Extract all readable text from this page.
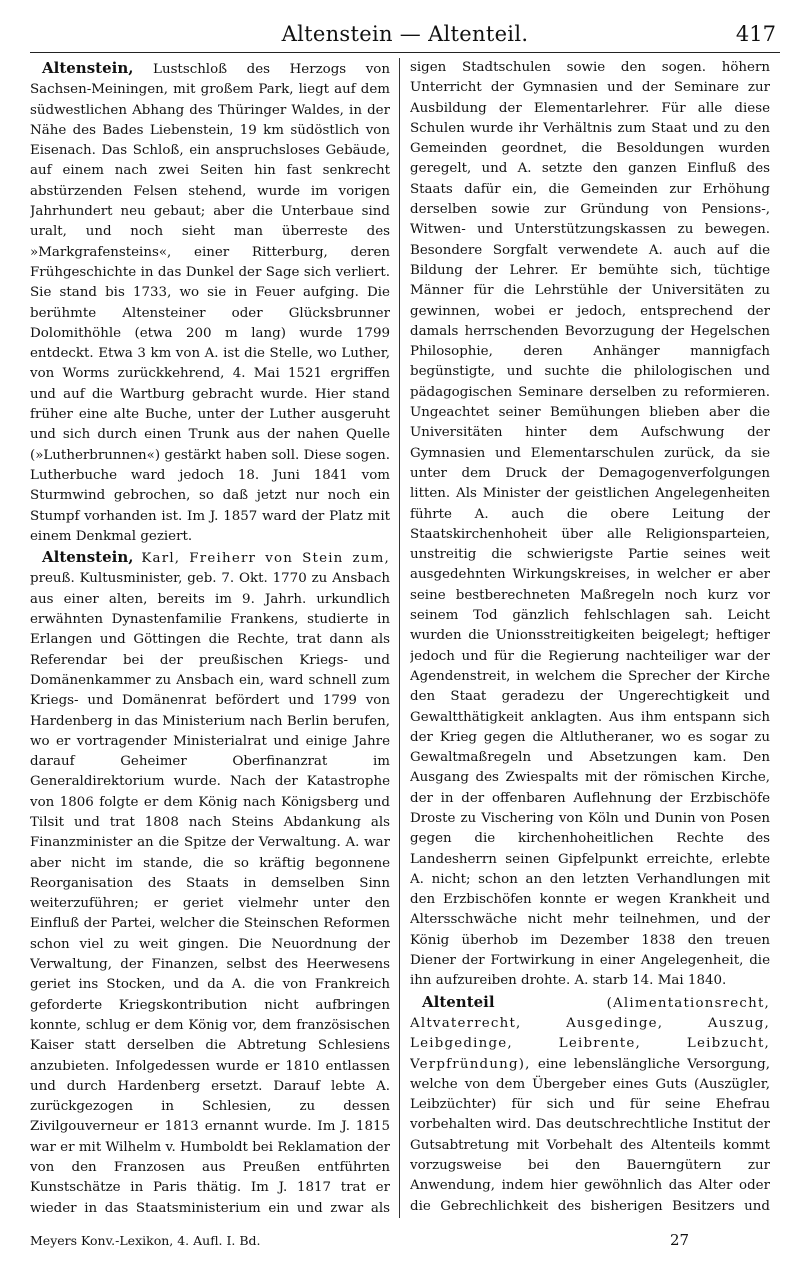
Altenstein — Altenteil.	417

Altenstein, Lustschloß des Herzogs von Sachsen-Meiningen, mit großem Park, liegt auf dem südwestlichen Abhang des Thüringer Waldes, in der Nähe des Bades Liebenstein, 19 km südöstlich von Eisenach. Das Schloß, ein anspruchsloses Gebäude, auf einem nach zwei Seiten hin fast senkrecht abstürzenden Felsen stehend, wurde im vorigen Jahrhundert neu gebaut; aber die Unterbaue sind uralt, und noch sieht man überreste des »Markgrafensteins«, einer Ritterburg, deren Frühgeschichte in das Dunkel der Sage sich verliert. Sie stand bis 1733, wo sie in Feuer aufging. Die berühmte Altensteiner oder Glücksbrunner Dolomithöhle (etwa 200 m lang) wurde 1799 entdeckt. Etwa 3 km von A. ist die Stelle, wo Luther, von Worms zurückkehrend, 4. Mai 1521 ergriffen und auf die Wartburg gebracht wurde. Hier stand früher eine alte Buche, unter der Luther ausgeruht und sich durch einen Trunk aus der nahen Quelle (»Lutherbrunnen«) gestärkt haben soll. Diese sogen. Lutherbuche ward jedoch 18. Juni 1841 vom Sturmwind gebrochen, so daß jetzt nur noch ein Stumpf vorhanden ist. Im J. 1857 ward der Platz mit einem Denkmal geziert.

Altenstein, Karl, Freiherr von Stein zum, preuß. Kultusminister, geb. 7. Okt. 1770 zu Ansbach aus einer alten, bereits im 9. Jahrh. urkundlich erwähnten Dynastenfamilie Frankens, studierte in Erlangen und Göttingen die Rechte, trat dann als Referendar bei der preußischen Kriegs- und Domänenkammer zu Ansbach ein, ward schnell zum Kriegs- und Domänenrat befördert und 1799 von Hardenberg in das Ministerium nach Berlin berufen, wo er vortragender Ministerialrat und einige Jahre darauf Geheimer Oberfinanzrat im Generaldirektorium wurde. Nach der Katastrophe von 1806 folgte er dem König nach Königsberg und Tilsit und trat 1808 nach Steins Abdankung als Finanzminister an die Spitze der Verwaltung. A. war aber nicht im stande, die so kräftig begonnene Reorganisation des Staats in demselben Sinn weiterzuführen; er geriet vielmehr unter den Einfluß der Partei, welcher die Steinschen Reformen schon viel zu weit gingen. Die Neuordnung der Verwaltung, der Finanzen, selbst des Heerwesens geriet ins Stocken, und da A. die von Frankreich geforderte Kriegskontribution nicht aufbringen konnte, schlug er dem König vor, dem französischen Kaiser statt derselben die Abtretung Schlesiens anzubieten. Infolgedessen wurde er 1810 entlassen und durch Hardenberg ersetzt. Darauf lebte A. zurückgezogen in Schlesien, zu dessen Zivilgouverneur er 1813 ernannt wurde. Im J. 1815 war er mit Wilhelm v. Humboldt bei Reklamation der von den Franzosen aus Preußen entführten Kunstschätze in Paris thätig. Im J. 1817 trat er wieder in das Staatsministerium ein und zwar als

sigen Stadtschulen sowie den sogen. höhern Unterricht der Gymnasien und der Seminare zur Ausbildung der Elementarlehrer. Für alle diese Schulen wurde ihr Verhältnis zum Staat und zu den Gemeinden geordnet, die Besoldungen wurden geregelt, und A. setzte den ganzen Einfluß des Staats dafür ein, die Gemeinden zur Erhöhung derselben sowie zur Gründung von Pensions-, Witwen- und Unterstützungskassen zu bewegen. Besondere Sorgfalt verwendete A. auch auf die Bildung der Lehrer. Er bemühte sich, tüchtige Männer für die Lehrstühle der Universitäten zu gewinnen, wobei er jedoch, entsprechend der damals herrschenden Bevorzugung der Hegelschen Philosophie, deren Anhänger mannigfach begünstigte, und suchte die philologischen und pädagogischen Seminare derselben zu reformieren. Ungeachtet seiner Bemühungen blieben aber die Universitäten hinter dem Aufschwung der Gymnasien und Elementarschulen zurück, da sie unter dem Druck der Demagogenverfolgungen litten. Als Minister der geistlichen Angelegenheiten führte A. auch die obere Leitung der Staatskirchenhoheit über alle Religionsparteien, unstreitig die schwierigste Partie seines weit ausgedehnten Wirkungskreises, in welcher er aber seine bestberechneten Maßregeln noch kurz vor seinem Tod gänzlich fehlschlagen sah. Leicht wurden die Unionsstreitigkeiten beigelegt; heftiger jedoch und für die Regierung nachteiliger war der Agendenstreit, in welchem die Sprecher der Kirche den Staat geradezu der Ungerechtigkeit und Gewaltthätigkeit anklagten. Aus ihm entspann sich der Krieg gegen die Altlutheraner, wo es sogar zu Gewaltmaßregeln und Absetzungen kam. Den Ausgang des Zwiespalts mit der römischen Kirche, der in der offenbaren Auflehnung der Erzbischöfe Droste zu Vischering von Köln und Dunin von Posen gegen die kirchenhoheitlichen Rechte des Landesherrn seinen Gipfelpunkt erreichte, erlebte A. nicht; schon an den letzten Verhandlungen mit den Erzbischöfen konnte er wegen Krankheit und Altersschwäche nicht mehr teilnehmen, und der König überhob im Dezember 1838 den treuen Diener der Fortwirkung in einer Angelegenheit, die ihn aufzureiben drohte. A. starb 14. Mai 1840.

Altenteil	(Alimentationsrecht, Altvaterrecht, Ausgedinge, Auszug, Leibgedinge, Leibrente, Leibzucht, Verpfründung), eine lebenslängliche Versorgung, welche von dem Übergeber eines Guts (Auszügler, Leibzüchter) für sich und für seine Ehefrau vorbehalten wird. Das deutschrechtliche Institut der Gutsabtretung mit Vorbehalt des Altenteils kommt vorzugsweise bei den Bauerngütern zur Anwendung, indem hier gewöhnlich das Alter oder die Gebrechlichkeit des bisherigen Besitzers und

Meyers Konv.-Lexikon, 4. Aufl. I. Bd.	27
